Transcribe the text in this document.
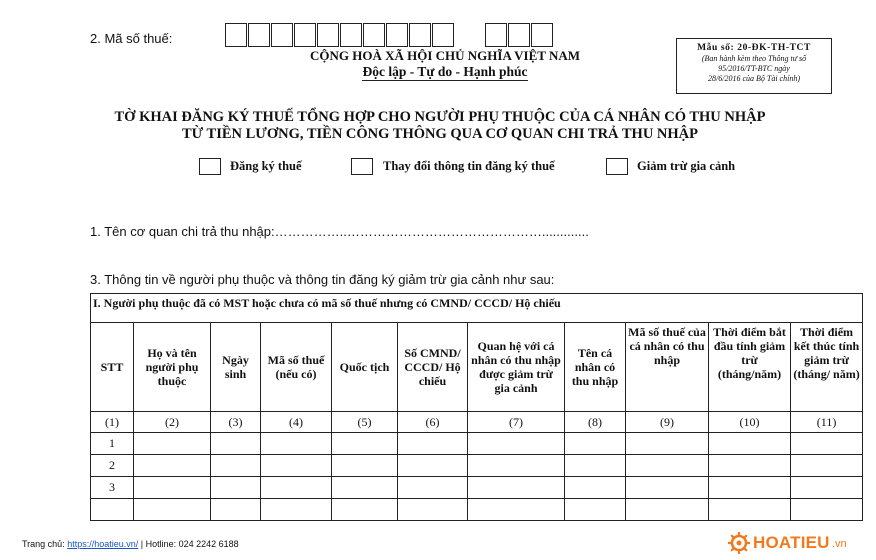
2. Mã số thuế:
CỘNG HOÀ XÃ HỘI CHỦ NGHĨA VIỆT NAM
Độc lập - Tự do - Hạnh phúc
Mẫu số: 20-ĐK-TH-TCT
(Ban hành kèm theo Thông tư số
95/2016/TT-BTC ngày
28/6/2016 của Bộ Tài chính)
TỜ KHAI ĐĂNG KÝ THUẾ TỔNG HỢP CHO NGƯỜI PHỤ THUỘC CỦA CÁ NHÂN CÓ THU NHẬP
TỪ TIỀN LƯƠNG, TIỀN CÔNG THÔNG QUA CƠ QUAN CHI TRẢ THU NHẬP
Đăng ký thuế	Thay đổi thông tin đăng ký thuế	Giảm trừ gia cảnh
1. Tên cơ quan chi trả thu nhập:……………..……………………………………….............
3. Thông tin về người phụ thuộc và thông tin đăng ký giảm trừ gia cảnh như sau:
I. Người phụ thuộc đã có MST hoặc chưa có mã số thuế nhưng có CMND/ CCCD/ Hộ chiếu										
STT	Họ và tên người phụ thuộc	Ngày sinh	Mã số thuế (nếu có)	Quốc tịch	Số CMND/ CCCD/ Hộ chiếu	Quan hệ với cá nhân có thu nhập được giảm trừ gia cảnh	Tên cá nhân có thu nhập	Mã số thuế của cá nhân có thu nhập	Thời điểm bắt đầu tính giảm trừ (tháng/năm)	Thời điểm kết thúc tính giảm trừ (tháng/ năm)
(1)	(2)	(3)	(4)	(5)	(6)	(7)	(8)	(9)	(10)	(11)
1										
2										
3										

Trang chủ: https://hoatieu.vn/ | Hotline: 024 2242 6188	HOATIEU .vn
